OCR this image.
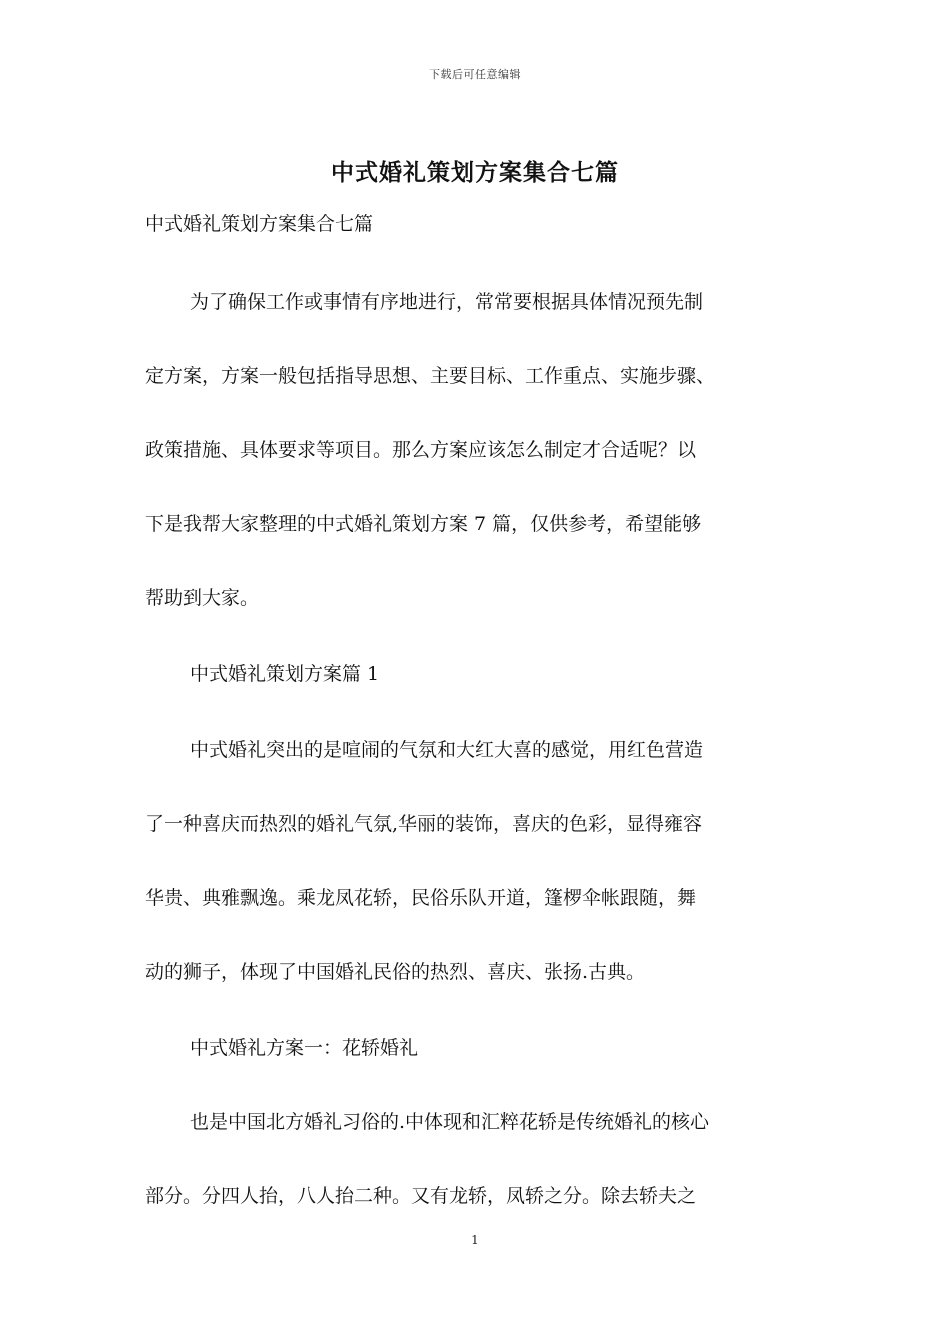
下载后可任意编辑
中式婚礼策划方案集合七篇
中式婚礼策划方案集合七篇
为了确保工作或事情有序地进行，常常要根据具体情况预先制
定方案，方案一般包括指导思想、主要目标、工作重点、实施步骤、
政策措施、具体要求等项目。那么方案应该怎么制定才合适呢？以
下是我帮大家整理的中式婚礼策划方案 7 篇，仅供参考，希望能够
帮助到大家。
中式婚礼策划方案篇 1
中式婚礼突出的是喧闹的气氛和大红大喜的感觉，用红色营造
了一种喜庆而热烈的婚礼气氛,华丽的装饰，喜庆的色彩，显得雍容
华贵、典雅飘逸。乘龙凤花轿，民俗乐队开道，篷椤伞帐跟随，舞
动的狮子，体现了中国婚礼民俗的热烈、喜庆、张扬.古典。
中式婚礼方案一：花轿婚礼
也是中国北方婚礼习俗的.中体现和汇粹花轿是传统婚礼的核心
部分。分四人抬，八人抬二种。又有龙轿，凤轿之分。除去轿夫之
1
